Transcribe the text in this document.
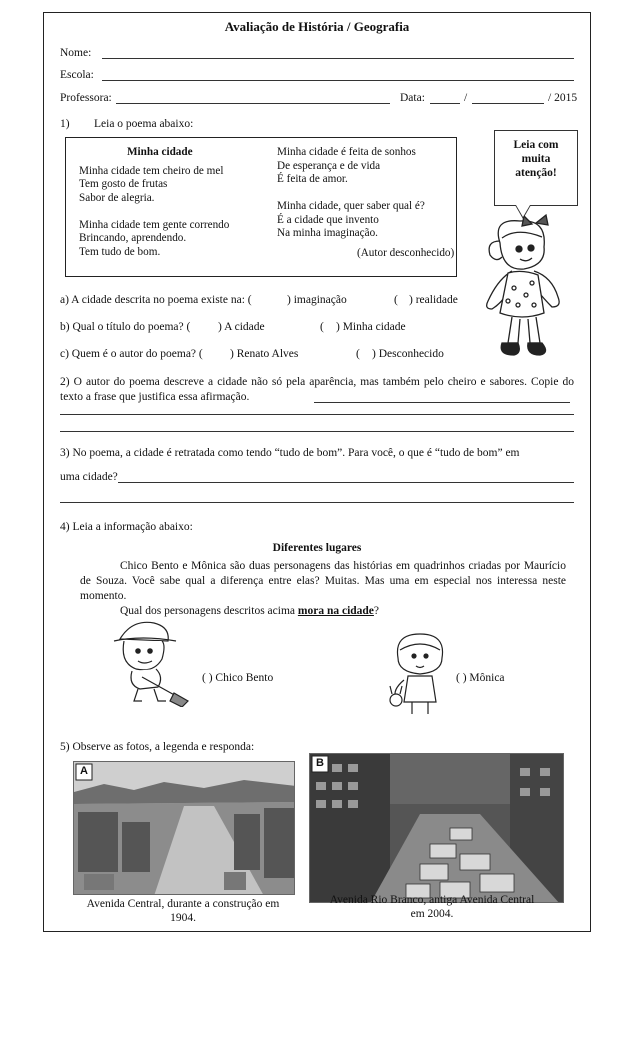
Avaliação de História / Geografia
Nome:
Escola:
Professora:	Data:	/	/ 2015
1) Leia o poema abaixo:
Minha cidade
Minha cidade tem cheiro de mel
Tem gosto de frutas
Sabor de alegria.
Minha cidade tem gente correndo
Brincando, aprendendo.
Tem tudo de bom.
Minha cidade é feita de sonhos
De esperança e de vida
É feita de amor.
Minha cidade, quer saber qual é?
É a cidade que invento
Na minha imaginação.
(Autor desconhecido)
Leia com
muita
atenção!
a) A cidade descrita no poema existe na: (	) imaginação	( ) realidade
b) Qual o título do poema? ( ) A cidade	( ) Minha cidade
c) Quem é o autor do poema? ( ) Renato Alves	( ) Desconhecido
2) O autor do poema descreve a cidade não só pela aparência, mas também pelo cheiro e sabores. Copie do texto a frase que justifica essa afirmação.
3) No poema, a cidade é retratada como tendo “tudo de bom”. Para você, o que é “tudo de bom” em
uma cidade?
4) Leia a informação abaixo:
Diferentes lugares
Chico Bento e Mônica são duas personagens das histórias em quadrinhos criadas por Maurício de Souza. Você sabe qual a diferença entre elas? Muitas. Mas uma em especial nos interessa neste momento.
Qual dos personagens descritos acima mora na cidade?
( ) Chico Bento	( ) Mônica
5) Observe as fotos, a legenda e responda:
A
B
Avenida Central, durante a construção em 1904.
Avenida Rio Branco, antiga Avenida Central em 2004.
